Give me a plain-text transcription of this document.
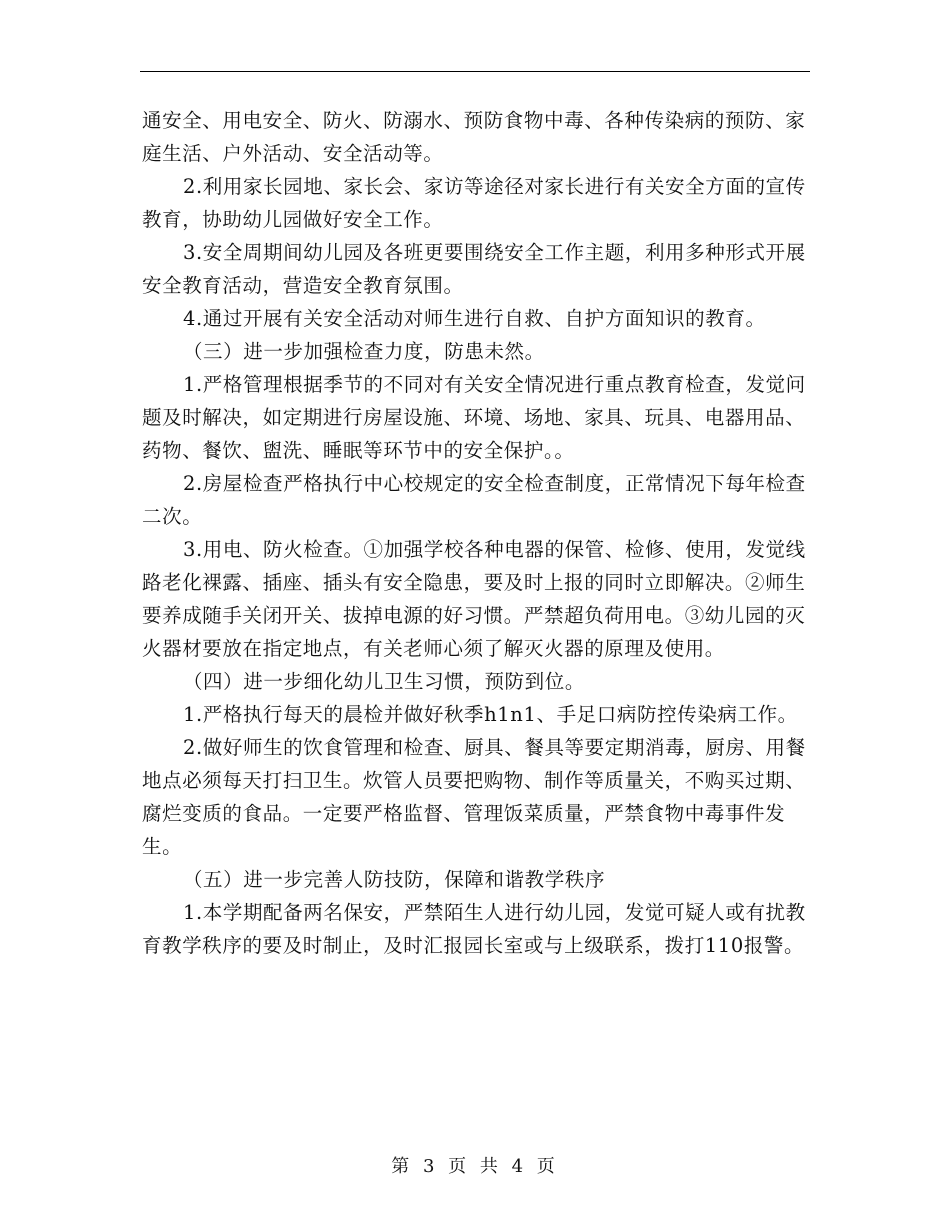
通安全、用电安全、防火、防溺水、预防食物中毒、各种传染病的预防、家庭生活、户外活动、安全活动等。

2.利用家长园地、家长会、家访等途径对家长进行有关安全方面的宣传教育，协助幼儿园做好安全工作。

3.安全周期间幼儿园及各班更要围绕安全工作主题，利用多种形式开展安全教育活动，营造安全教育氛围。

4.通过开展有关安全活动对师生进行自救、自护方面知识的教育。

（三）进一步加强检查力度，防患未然。

1.严格管理根据季节的不同对有关安全情况进行重点教育检查，发觉问题及时解决，如定期进行房屋设施、环境、场地、家具、玩具、电器用品、药物、餐饮、盥洗、睡眠等环节中的安全保护。。

2.房屋检查严格执行中心校规定的安全检查制度，正常情况下每年检查二次。

3.用电、防火检查。①加强学校各种电器的保管、检修、使用，发觉线路老化裸露、插座、插头有安全隐患，要及时上报的同时立即解决。②师生要养成随手关闭开关、拔掉电源的好习惯。严禁超负荷用电。③幼儿园的灭火器材要放在指定地点，有关老师心须了解灭火器的原理及使用。

（四）进一步细化幼儿卫生习惯，预防到位。

1.严格执行每天的晨检并做好秋季h1n1、手足口病防控传染病工作。

2.做好师生的饮食管理和检查、厨具、餐具等要定期消毒，厨房、用餐地点必须每天打扫卫生。炊管人员要把购物、制作等质量关，不购买过期、腐烂变质的食品。一定要严格监督、管理饭菜质量，严禁食物中毒事件发生。

（五）进一步完善人防技防，保障和谐教学秩序

1.本学期配备两名保安，严禁陌生人进行幼儿园，发觉可疑人或有扰教育教学秩序的要及时制止，及时汇报园长室或与上级联系，拨打110报警。

第 3 页 共 4 页
